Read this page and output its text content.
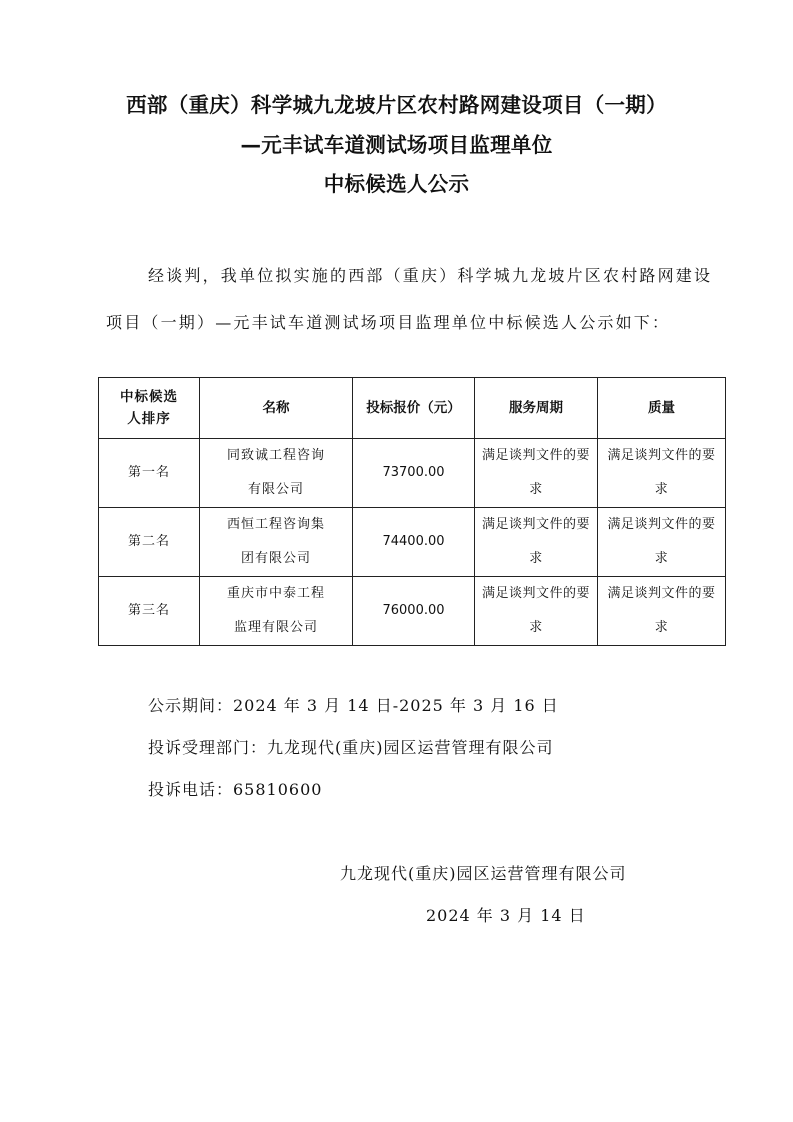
西部（重庆）科学城九龙坡片区农村路网建设项目（一期）
—元丰试车道测试场项目监理单位
中标候选人公示
经谈判，我单位拟实施的西部（重庆）科学城九龙坡片区农村路网建设
项目（一期）—元丰试车道测试场项目监理单位中标候选人公示如下：
中标候选人排序	名称	投标报价（元）	服务周期	质量
第一名	同致诚工程咨询有限公司	73700.00	满足谈判文件的要求	满足谈判文件的要求
第二名	西恒工程咨询集团有限公司	74400.00	满足谈判文件的要求	满足谈判文件的要求
第三名	重庆市中泰工程监理有限公司	76000.00	满足谈判文件的要求	满足谈判文件的要求
公示期间：2024 年 3 月 14 日-2025 年 3 月 16 日
投诉受理部门：九龙现代(重庆)园区运营管理有限公司
投诉电话：65810600
九龙现代(重庆)园区运营管理有限公司
2024 年 3 月 14 日
